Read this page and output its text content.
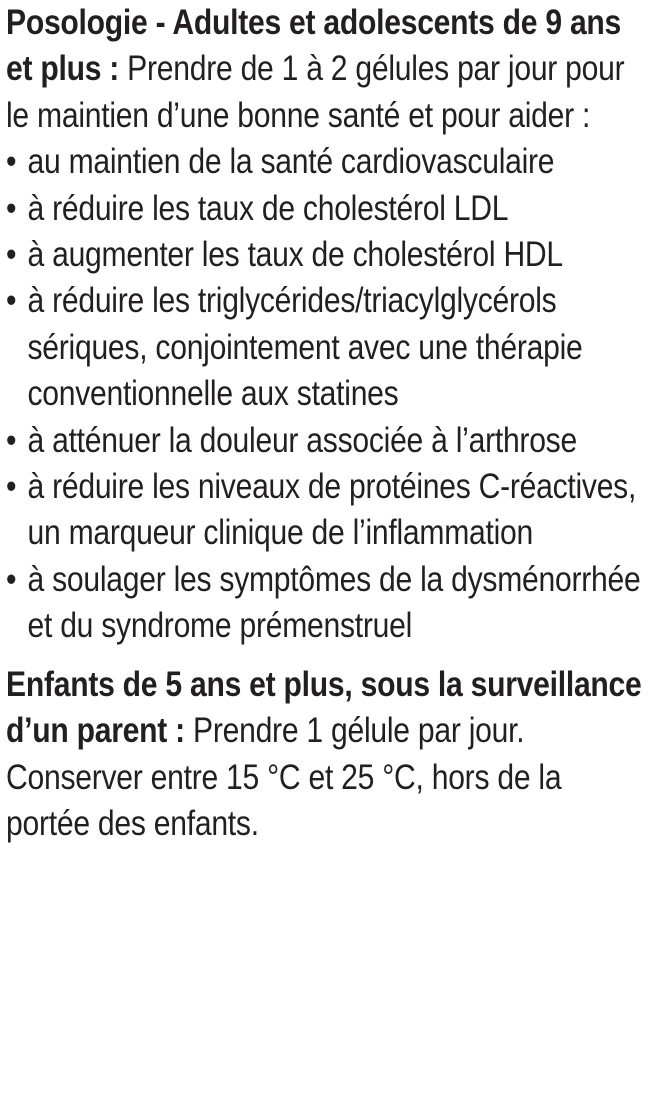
Posologie - Adultes et adolescents de 9 ans et plus : Prendre de 1 à 2 gélules par jour pour le maintien d’une bonne santé et pour aider :

• au maintien de la santé cardiovasculaire
• à réduire les taux de cholestérol LDL
• à augmenter les taux de cholestérol HDL
• à réduire les triglycérides/triacylglycérols sériques, conjointement avec une thérapie conventionnelle aux statines
• à atténuer la douleur associée à l’arthrose
• à réduire les niveaux de protéines C-réactives, un marqueur clinique de l’inflammation
• à soulager les symptômes de la dysménorrhée et du syndrome prémenstruel

Enfants de 5 ans et plus, sous la surveillance d’un parent : Prendre 1 gélule par jour.

Conserver entre 15 °C et 25 °C, hors de la portée des enfants.
